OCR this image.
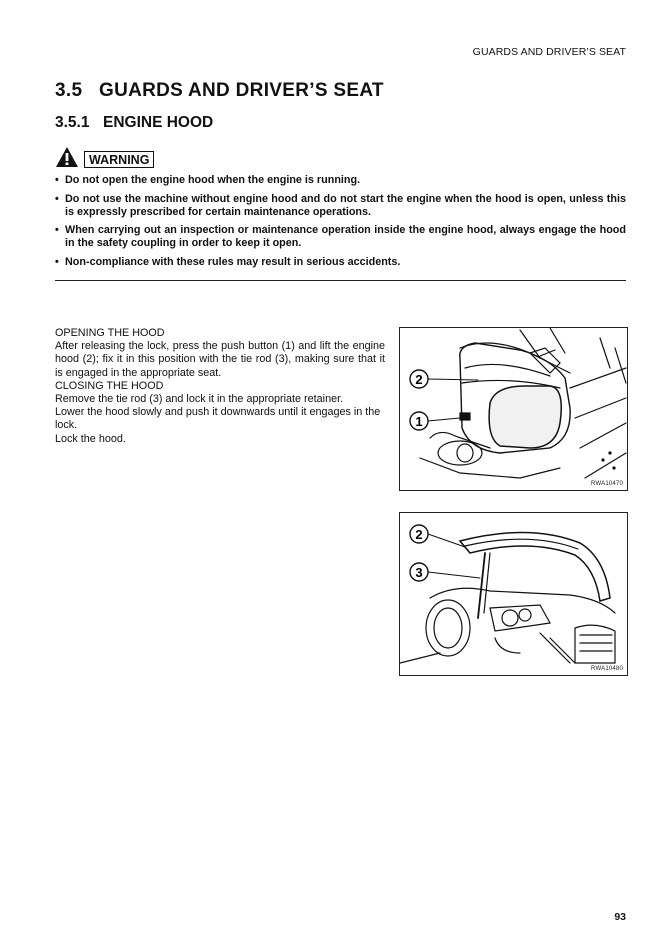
GUARDS AND DRIVER’S SEAT
3.5 GUARDS AND DRIVER’S SEAT
3.5.1 ENGINE HOOD
WARNING
• Do not open the engine hood when the engine is running.
• Do not use the machine without engine hood and do not start the engine when the hood is open, unless this is expressly prescribed for certain maintenance operations.
• When carrying out an inspection or maintenance operation inside the engine hood, always engage the hood in the safety coupling in order to keep it open.
• Non-compliance with these rules may result in serious accidents.

OPENING THE HOOD

After releasing the lock, press the push button (1) and lift the engine hood (2); fix it in this position with the tie rod (3), making sure that it is engaged in the appropriate seat.

CLOSING THE HOOD

Remove the tie rod (3) and lock it in the appropriate retainer.

Lower the hood slowly and push it downwards until it engages in the lock.

Lock the hood.

2
1
RWA10470
2
3
RWA10480
93
